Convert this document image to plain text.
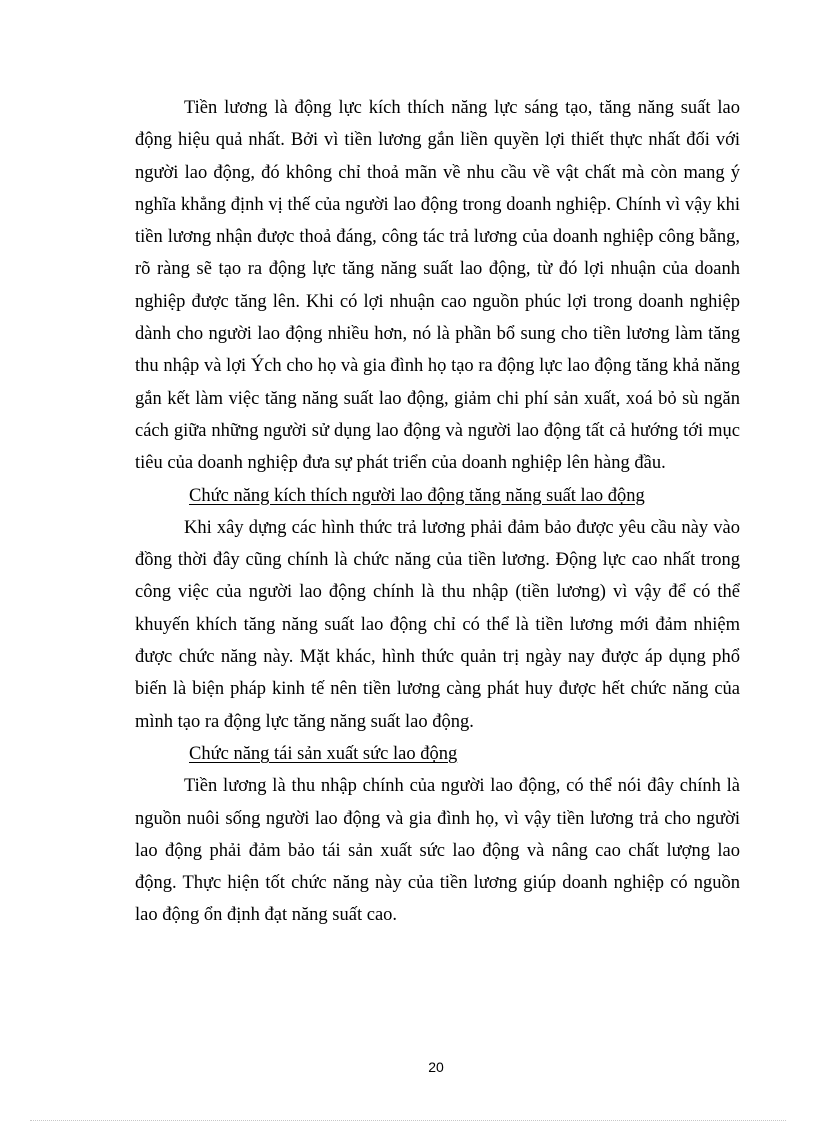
Tiền lương là động lực kích thích năng lực sáng tạo, tăng năng suất lao động hiệu quả nhất. Bởi vì tiền lương gắn liền quyền lợi thiết thực nhất đối với người lao động, đó không chỉ thoả mãn về nhu cầu về vật chất mà còn mang ý nghĩa khẳng định vị thế của người lao động trong doanh nghiệp. Chính vì vậy khi tiền lương nhận được thoả đáng, công tác trả lương của doanh nghiệp công bằng, rõ ràng sẽ tạo ra động lực tăng năng suất lao động, từ đó lợi nhuận của doanh nghiệp được tăng lên. Khi có lợi nhuận cao nguồn phúc lợi trong doanh nghiệp dành cho người lao động nhiều hơn, nó là phần bổ sung cho tiền lương làm tăng thu nhập và lợi Ých cho họ và gia đình họ tạo ra động lực lao động tăng khả năng gắn kết làm việc tăng năng suất lao động, giảm chi phí sản xuất, xoá bỏ sù ngăn cách giữa những người sử dụng lao động và người lao động tất cả hướng tới mục tiêu của doanh nghiệp đưa sự phát triển của doanh nghiệp lên hàng đầu.

Chức năng kích thích người lao động tăng năng suất lao động

Khi xây dựng các hình thức trả lương phải đảm bảo được yêu cầu này vào đồng thời đây cũng chính là chức năng của tiền lương. Động lực cao nhất trong công việc của người lao động chính là thu nhập (tiền lương) vì vậy để có thể khuyến khích tăng năng suất lao động chỉ có thể là tiền lương mới đảm nhiệm được chức năng này. Mặt khác, hình thức quản trị ngày nay được áp dụng phổ biến là biện pháp kinh tế nên tiền lương càng phát huy được hết chức năng của mình tạo ra động lực tăng năng suất lao động.

Chức năng tái sản xuất sức lao động

Tiền lương là thu nhập chính của người lao động, có thể nói đây chính là nguồn nuôi sống người lao động và gia đình họ, vì vậy tiền lương trả cho người lao động phải đảm bảo tái sản xuất sức lao động và nâng cao chất lượng lao động. Thực hiện tốt chức năng này của tiền lương giúp doanh nghiệp có nguồn lao động ổn định đạt năng suất cao.

20
